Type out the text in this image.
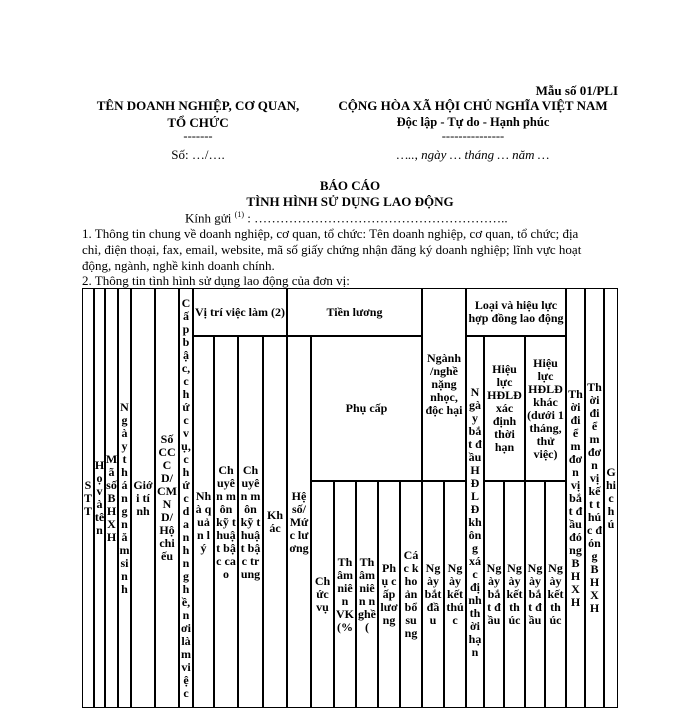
Mẫu số 01/PLI
TÊN DOANH NGHIỆP, CƠ QUAN,
TỔ CHỨC
-------
Số: …/….
CỘNG HÒA XÃ HỘI CHỦ NGHĨA VIỆT NAM
Độc lập - Tự do - Hạnh phúc
---------------
….., ngày … tháng … năm …
BÁO CÁO
TÌNH HÌNH SỬ DỤNG LAO ĐỘNG
Kính gửi $^{(1)}$ : …………………………………………………..
1. Thông tin chung về doanh nghiệp, cơ quan, tổ chức: Tên doanh nghiệp, cơ quan, tổ chức; địa
chỉ, điện thoại, fax, email, website, mã số giấy chứng nhận đăng ký doanh nghiệp; lĩnh vực hoạt
động, ngành, nghề kinh doanh chính.
2. Thông tin tình hình sử dụng lao động của đơn vị:
STT
Họ và tên
Mã số BHXH
Ngày tháng năm sinh
Giới tính
Số CCCD/CMND/Hộ chiếu
Cấp bậc, chức vụ, chức danh nghề, nơi làm việc
Vị trí việc làm (2)
Nhà quản lý
Chuyên môn kỹ thuật bậc cao
Chuyên môn kỹ thuật bậc trung
Khác
Tiền lương
Hệ số/Mức lương
Phụ cấp
Chức vụ
Thâm niên VK (%
Thâm niên nghề (
Phụ cấp lương
Các khoản bổ sung
Ngành /nghề nặng nhọc, độc hại
Ngày bắt đầu
Ngày kết thúc
Loại và hiệu lực hợp đồng lao động
Ngày bắt đầu HĐLĐ không xác định thời hạn
Hiệu lực HĐLĐ xác định thời hạn
Ngày bắt đầu
Ngày kết thúc
Hiệu lực HĐLĐ khác (dưới 1 tháng, thử việc)
Ngày bắt đầu
Ngày kết thúc
Thời điểm đơn vị bắt đầu đóng BHXH
Thời điểm đơn vị kết thúc đóng BHXH
Ghi chú
